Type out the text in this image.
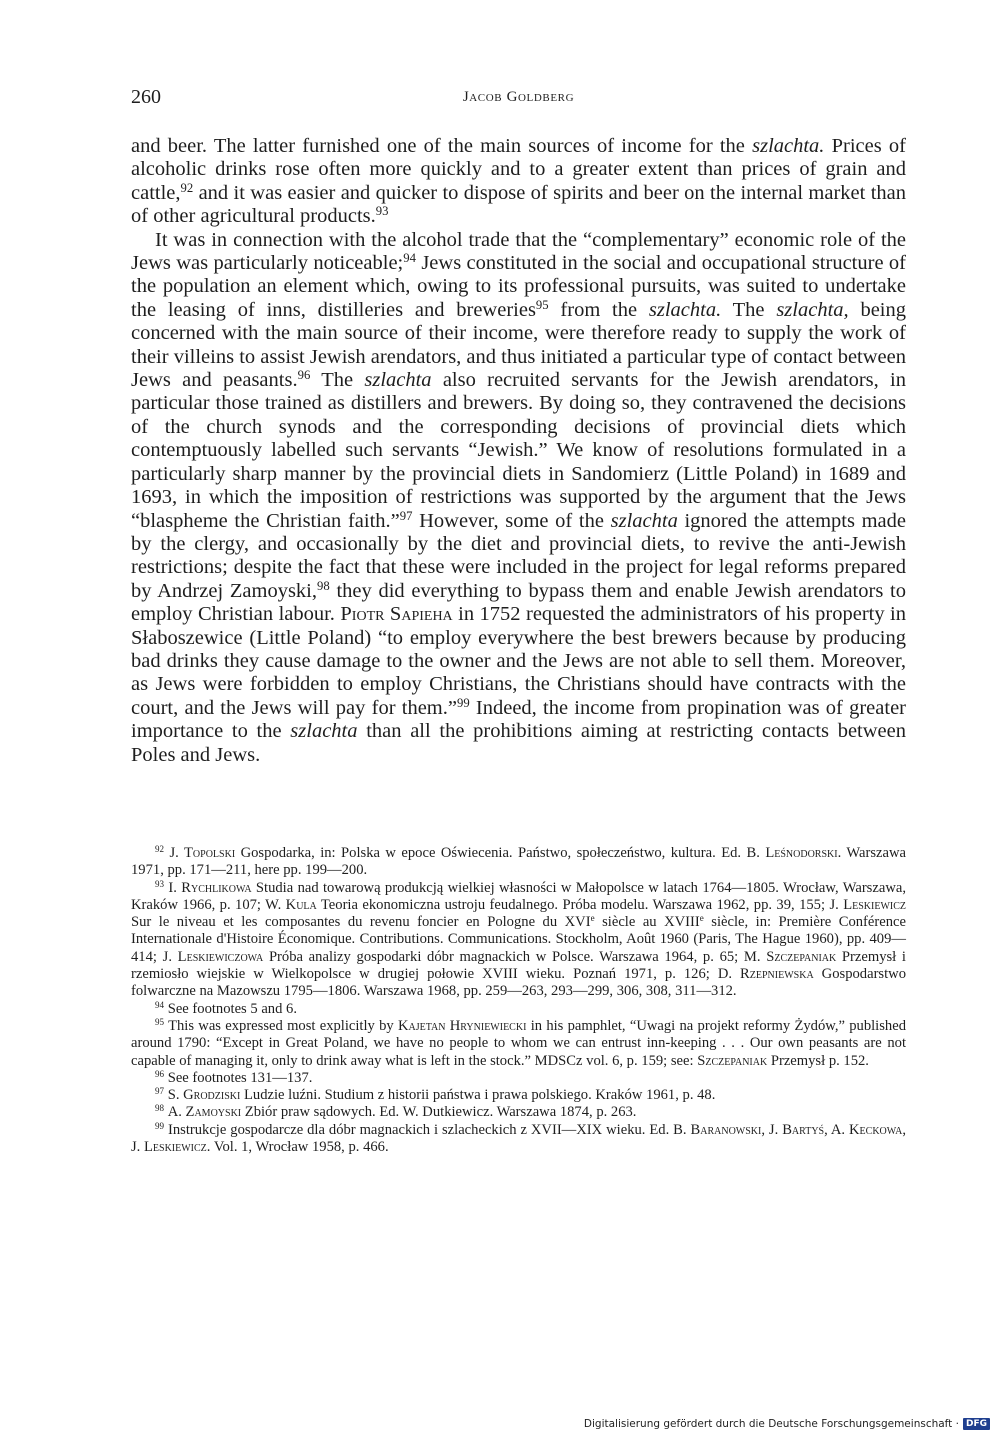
260	Jacob Goldberg

and beer. The latter furnished one of the main sources of income for the szlachta. Prices of alcoholic drinks rose often more quickly and to a greater extent than prices of grain and cattle,$^{92}$ and it was easier and quicker to dispose of spirits and beer on the internal market than of other agricultural products.$^{93}$

It was in connection with the alcohol trade that the “complementary” economic role of the Jews was particularly noticeable;$^{94}$ Jews constituted in the social and occupational structure of the population an element which, owing to its professional pursuits, was suited to undertake the leasing of inns, distilleries and breweries$^{95}$ from the szlachta. The szlachta, being concerned with the main source of their income, were therefore ready to supply the work of their villeins to assist Jewish arendators, and thus initiated a particular type of contact between Jews and peasants.$^{96}$ The szlachta also recruited servants for the Jewish arendators, in particular those trained as distillers and brewers. By doing so, they contravened the decisions of the church synods and the corresponding decisions of provincial diets which contemptuously labelled such servants “Jewish.” We know of resolutions formulated in a particularly sharp manner by the provincial diets in Sandomierz (Little Poland) in 1689 and 1693, in which the imposition of restrictions was supported by the argument that the Jews “blaspheme the Christian faith.”$^{97}$ However, some of the szlachta ignored the attempts made by the clergy, and occasionally by the diet and provincial diets, to revive the anti-Jewish restrictions; despite the fact that these were included in the project for legal reforms prepared by Andrzej Zamoyski,$^{98}$ they did everything to bypass them and enable Jewish arendators to employ Christian labour. Piotr Sapieha in 1752 requested the administrators of his property in Słaboszewice (Little Poland) “to employ everywhere the best brewers because by producing bad drinks they cause damage to the owner and the Jews are not able to sell them. Moreover, as Jews were forbidden to employ Christians, the Christians should have contracts with the court, and the Jews will pay for them.”$^{99}$ Indeed, the income from propination was of greater importance to the szlachta than all the prohibitions aiming at restricting contacts between Poles and Jews.

$^{92}$ J. Topolski Gospodarka, in: Polska w epoce Oświecenia. Państwo, społeczeństwo, kultura. Ed. B. Leśnodorski. Warszawa 1971, pp. 171—211, here pp. 199—200.

$^{93}$ I. Rychlikowa Studia nad towarową produkcją wielkiej własności w Małopolsce w latach 1764—1805. Wrocław, Warszawa, Kraków 1966, p. 107; W. Kula Teoria ekonomiczna ustroju feudalnego. Próba modelu. Warszawa 1962, pp. 39, 155; J. Leskiewicz Sur le niveau et les composantes du revenu foncier en Pologne du XVIe siècle au XVIIIe siècle, in: Première Conférence Internationale d'Histoire Économique. Contributions. Communications. Stockholm, Août 1960 (Paris, The Hague 1960), pp. 409—414; J. Leskiewiczowa Próba analizy gospodarki dóbr magnackich w Polsce. Warszawa 1964, p. 65; M. Szczepaniak Przemysł i rzemiosło wiejskie w Wielkopolsce w drugiej połowie XVIII wieku. Poznań 1971, p. 126; D. Rzepniewska Gospodarstwo folwarczne na Mazowszu 1795—1806. Warszawa 1968, pp. 259—263, 293—299, 306, 308, 311—312.

$^{94}$ See footnotes 5 and 6.

$^{95}$ This was expressed most explicitly by Kajetan Hryniewiecki in his pamphlet, “Uwagi na projekt reformy Żydów,” published around 1790: “Except in Great Poland, we have no people to whom we can entrust inn-keeping . . . Our own peasants are not capable of managing it, only to drink away what is left in the stock.” MDSCz vol. 6, p. 159; see: Szczepaniak Przemysł p. 152.

$^{96}$ See footnotes 131—137.

$^{97}$ S. Grodziski Ludzie luźni. Studium z historii państwa i prawa polskiego. Kraków 1961, p. 48.

$^{98}$ A. Zamoyski Zbiór praw sądowych. Ed. W. Dutkiewicz. Warszawa 1874, p. 263.

$^{99}$ Instrukcje gospodarcze dla dóbr magnackich i szlacheckich z XVII—XIX wieku. Ed. B. Baranowski, J. Bartyś, A. Keckowa, J. Leskiewicz. Vol. 1, Wrocław 1958, p. 466.

Digitalisierung gefördert durch die Deutsche Forschungsgemeinschaft · DFG
